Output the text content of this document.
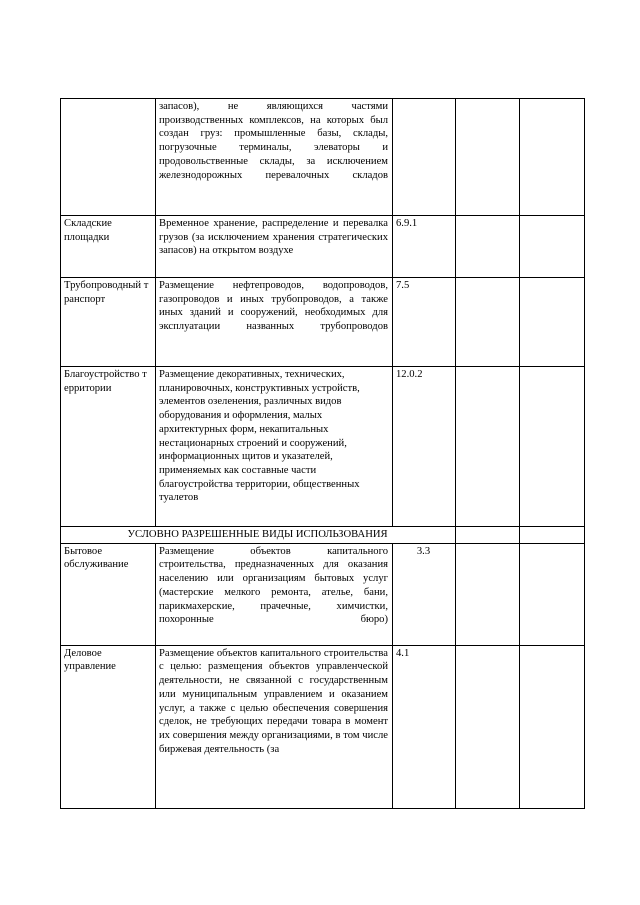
	запасов), не являющихся частями производственных комплексов, на которых был создан груз: промышленные базы, склады, погрузочные терминалы, элеваторы и продовольственные склады, за исключением железнодорожных перевалочных складов			
Складские площадки	Временное хранение, распределение и перевалка грузов (за исключением хранения стратегических запасов) на открытом воздухе	6.9.1		
Трубопроводный транспорт	Размещение нефтепроводов, водопроводов, газопроводов и иных трубопроводов, а также иных зданий и сооружений, необходимых для эксплуатации названных трубопроводов	7.5		
Благоустройство территории	Размещение декоративных, технических, планировочных, конструктивных устройств, элементов озеленения, различных видов оборудования и оформления, малых архитектурных форм, некапитальных нестационарных строений и сооружений, информационных щитов и указателей, применяемых как составные части благоустройства территории, общественных туалетов	12.0.2		
УСЛОВНО РАЗРЕШЕННЫЕ ВИДЫ ИСПОЛЬЗОВАНИЯ				
Бытовое обслуживание	Размещение объектов капитального строительства, предназначенных для оказания населению или организациям бытовых услуг (мастерские мелкого ремонта, ателье, бани, парикмахерские, прачечные, химчистки, похоронные бюро)	3.3		
Деловое управление	Размещение объектов капитального строительства с целью: размещения объектов управленческой деятельности, не связанной с государственным или муниципальным управлением и оказанием услуг, а также с целью обеспечения совершения сделок, не требующих передачи товара в момент их совершения между организациями, в том числе биржевая деятельность (за	4.1		
